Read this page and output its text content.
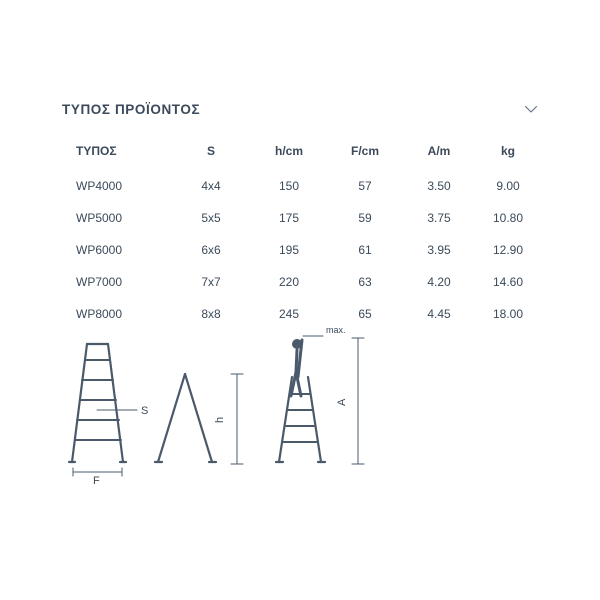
ΤΥΠΟΣ ΠΡΟΪΟΝΤΟΣ
ΤΥΠΟΣ	S	h/cm	F/cm	A/m	kg
WP4000	4x4	150	57	3.50	9.00
WP5000	5x5	175	59	3.75	10.80
WP6000	6x6	195	61	3.95	12.90
WP7000	7x7	220	63	4.20	14.60
WP8000	8x8	245	65	4.45	18.00
S
F
h
A
max.
